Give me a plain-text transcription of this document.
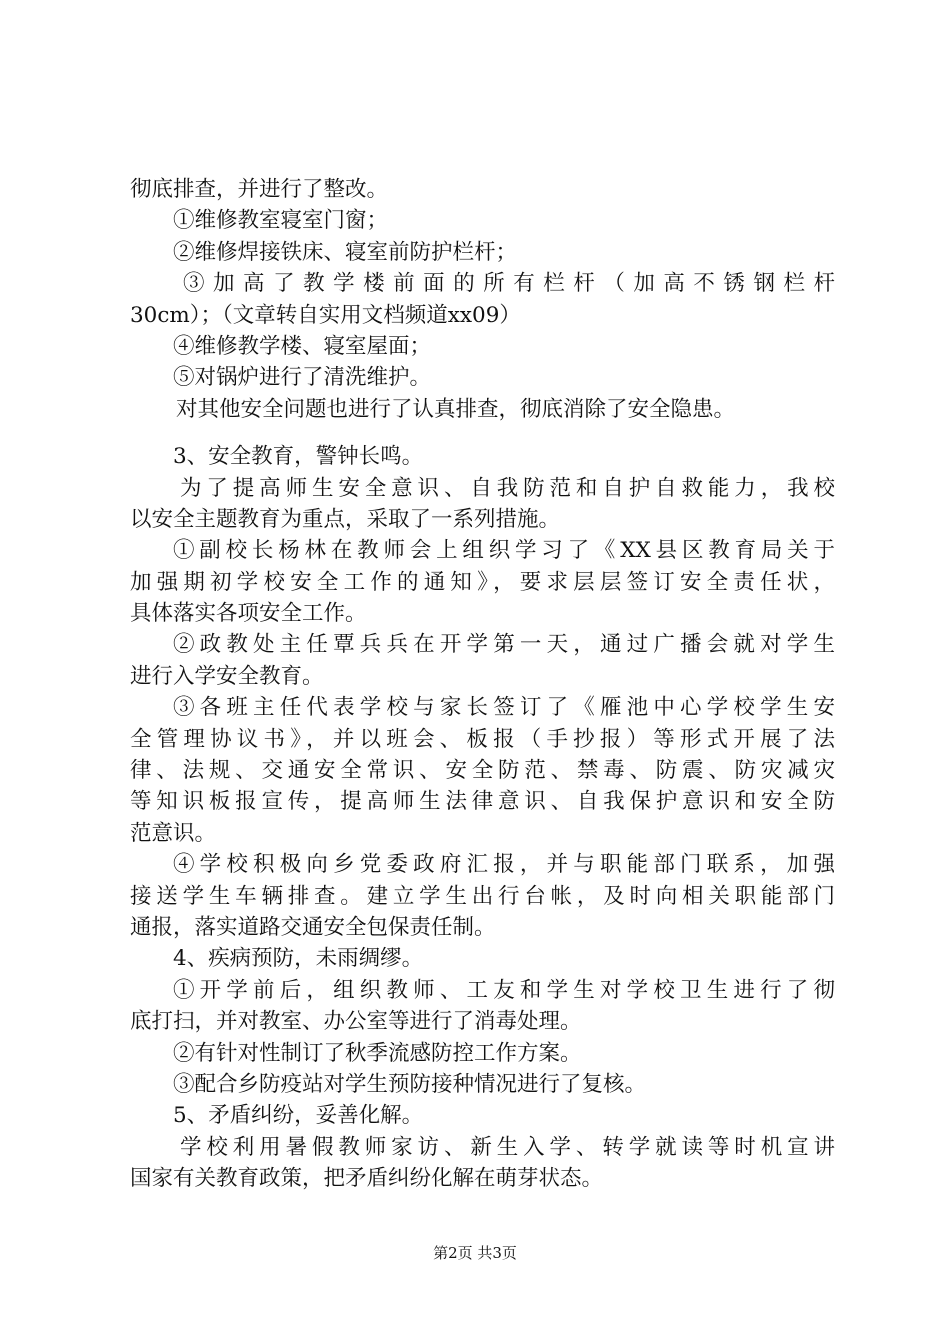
彻底排查，并进行了整改。
①维修教室寝室门窗；
②维修焊接铁床、寝室前防护栏杆；
③加高了教学楼前面的所有栏杆（加高不锈钢栏杆
30cm）；（文章转自实用文档频道xx09）
④维修教学楼、寝室屋面；
⑤对锅炉进行了清洗维护。
对其他安全问题也进行了认真排查，彻底消除了安全隐患。
3、安全教育，警钟长鸣。
为了提高师生安全意识、自我防范和自护自救能力，我校
以安全主题教育为重点，采取了一系列措施。
①副校长杨林在教师会上组织学习了《XX县区教育局关于
加强期初学校安全工作的通知》，要求层层签订安全责任状，
具体落实各项安全工作。
②政教处主任覃兵兵在开学第一天，通过广播会就对学生
进行入学安全教育。
③各班主任代表学校与家长签订了《雁池中心学校学生安
全管理协议书》，并以班会、板报（手抄报）等形式开展了法
律、法规、交通安全常识、安全防范、禁毒、防震、防灾减灾
等知识板报宣传，提高师生法律意识、自我保护意识和安全防
范意识。
④学校积极向乡党委政府汇报，并与职能部门联系，加强
接送学生车辆排查。建立学生出行台帐，及时向相关职能部门
通报，落实道路交通安全包保责任制。
4、疾病预防，未雨绸缪。
①开学前后，组织教师、工友和学生对学校卫生进行了彻
底打扫，并对教室、办公室等进行了消毒处理。
②有针对性制订了秋季流感防控工作方案。
③配合乡防疫站对学生预防接种情况进行了复核。
5、矛盾纠纷，妥善化解。
学校利用暑假教师家访、新生入学、转学就读等时机宣讲
国家有关教育政策，把矛盾纠纷化解在萌芽状态。
第2页 共3页
